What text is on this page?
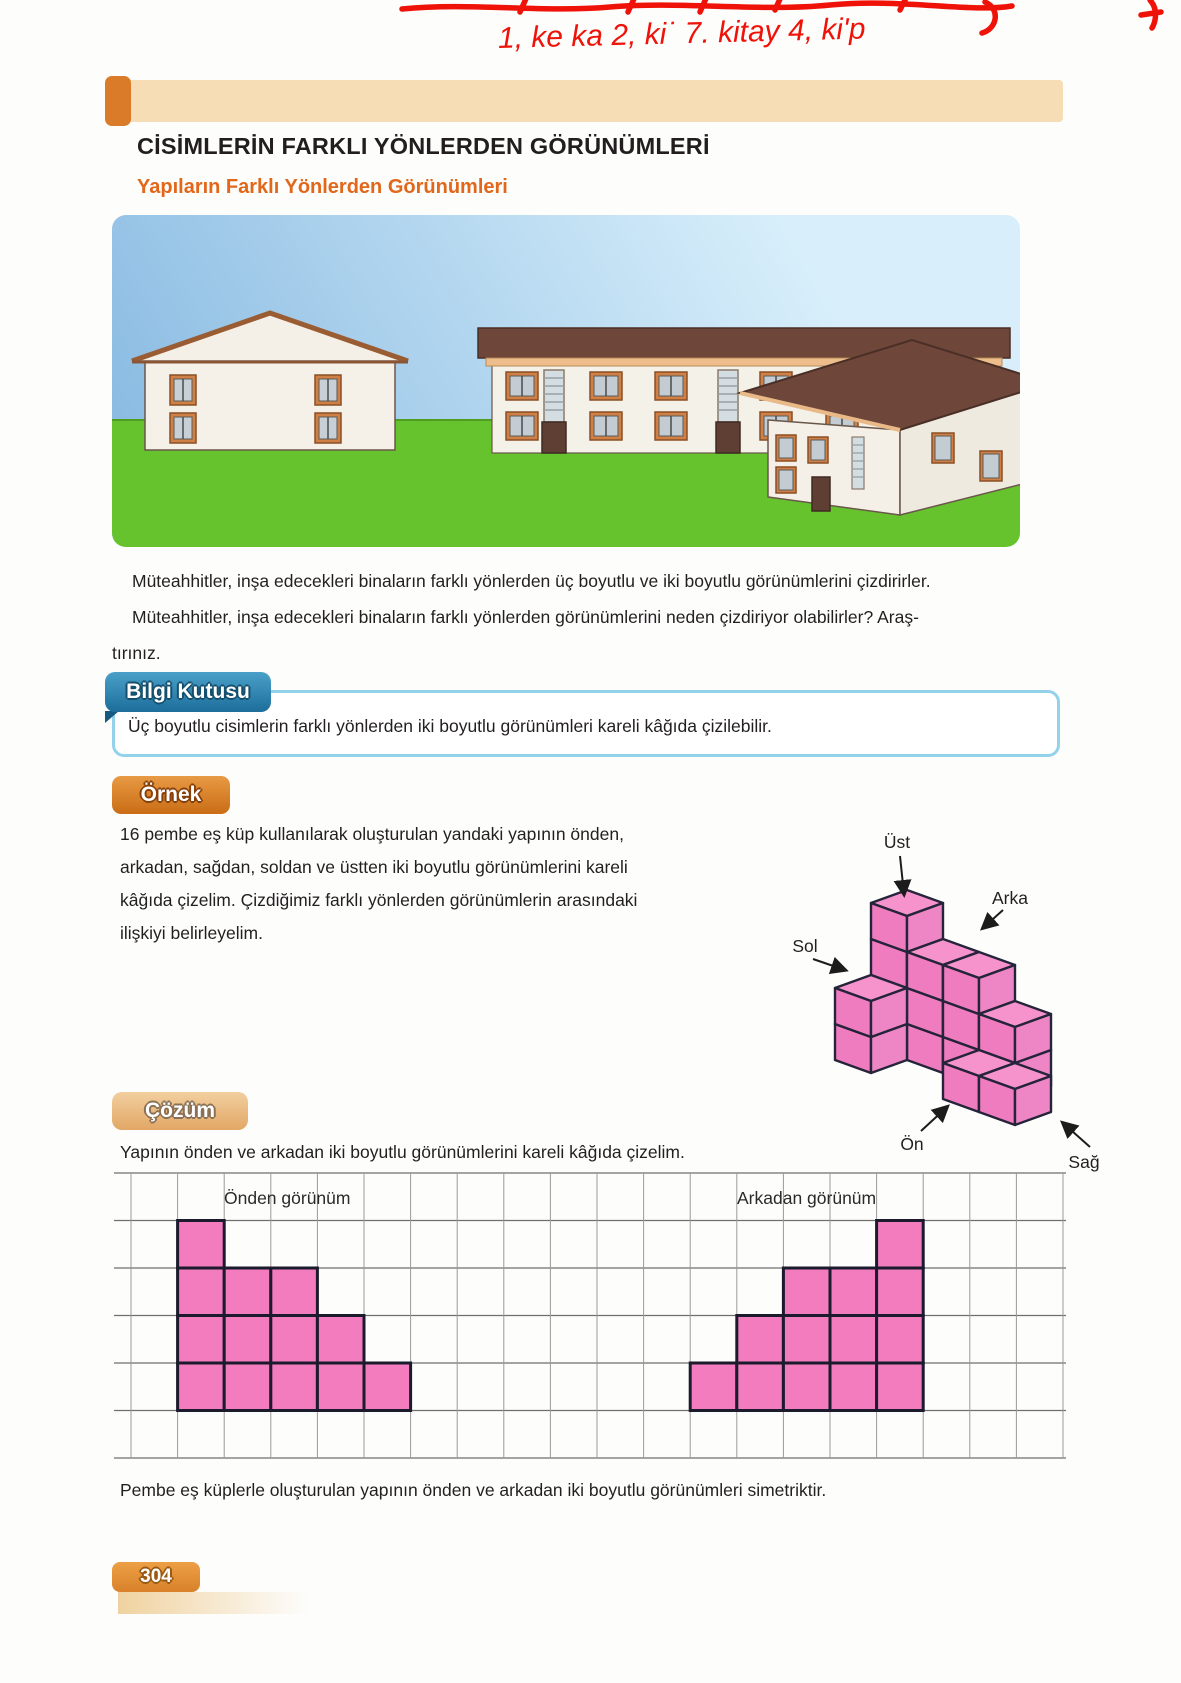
1, ke ka 2, ki˙ 7. kitay 4, ki'p
CİSİMLERİN FARKLI YÖNLERDEN GÖRÜNÜMLERİ
Yapıların Farklı Yönlerden Görünümleri
Müteahhitler, inşa edecekleri binaların farklı yönlerden üç boyutlu ve iki boyutlu görünümlerini çizdirirler.
Müteahhitler, inşa edecekleri binaların farklı yönlerden görünümlerini neden çizdiriyor olabilirler? Araş-
tırınız.
Bilgi Kutusu
Üç boyutlu cisimlerin farklı yönlerden iki boyutlu görünümleri kareli kâğıda çizilebilir.
Örnek
16 pembe eş küp kullanılarak oluşturulan yandaki yapının önden,
arkadan, sağdan, soldan ve üstten iki boyutlu görünümlerini kareli
kâğıda çizelim. Çizdiğimiz farklı yönlerden görünümlerin arasındaki
ilişkiyi belirleyelim.
Üst
Arka
Sol
Ön
Sağ
Çözüm
Yapının önden ve arkadan iki boyutlu görünümlerini kareli kâğıda çizelim.
Önden görünüm	Arkadan görünüm
Pembe eş küplerle oluşturulan yapının önden ve arkadan iki boyutlu görünümleri simetriktir.
304
